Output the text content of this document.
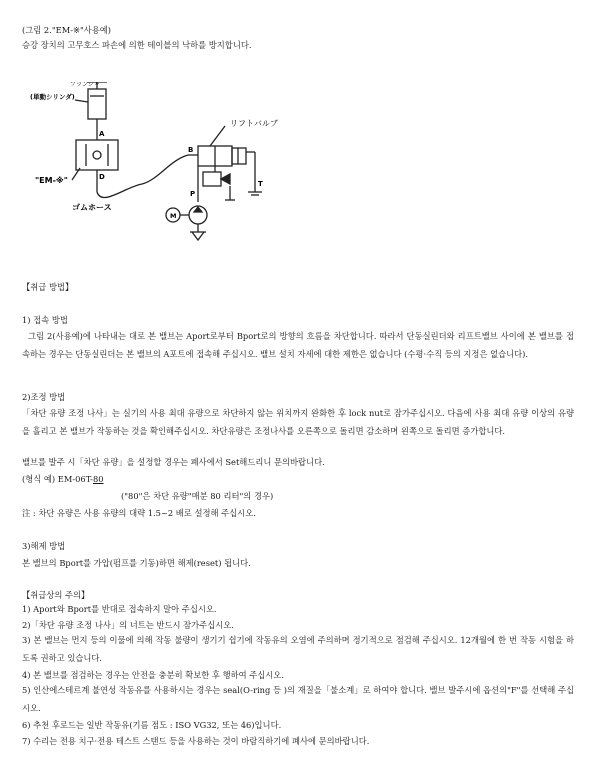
(그림 2."EM-※"사용예)
승강 장치의 고무호스 파손에 의한 테이블의 낙하를 방지합니다.
プランジャ
(単動シリンダ)
リフトバルブ
"EM-※"
ゴムホース
A
D
B
P
T
M
【취급 방법】
1) 접속 방법
그림 2(사용예)에 나타내는 대로 본 밸브는 Aport로부터 Bport로의 방향의 흐름을 차단합니다. 따라서 단동실린더와 리프트밸브 사이에 본 밸브를 접속하는 경우는 단동실린더는 본 밸브의 A포트에 접속해 주십시오. 밸브 설치 자세에 대한 제한은 없습니다 (수평·수직 등의 지정은 없습니다).
2)조정 방법
「차단 유량 조정 나사」는 실기의 사용 최대 유량으로 차단하지 않는 위치까지 완화한 후 lock nut로 잠가주십시오. 다음에 사용 최대 유량 이상의 유량을 흘리고 본 밸브가 작동하는 것을 확인해주십시오. 차단유량은 조정나사를 오른쪽으로 돌리면 감소하며 왼쪽으로 돌리면 증가합니다.
밸브를 발주 시「차단 유량」을 설정할 경우는 폐사에서 Set해드리니 문의바랍니다.
(형식 예) EM-06T-80
("80"은 차단 유량"매분 80 리터"의 경우)
注 : 차단 유량은 사용 유량의 대략 1.5~2 배로 설정해 주십시오.
3)해제 방법
본 밸브의 Bport를 가압(펌프를 기동)하면 해제(reset) 됩니다.
【취급상의 주의】
1) Aport와 Bport를 반대로 접속하지 말아 주십시오.
2)「차단 유량 조정 나사」의 너트는 반드시 잠가주십시오.
3) 본 밸브는 먼지 등의 이물에 의해 작동 불량이 생기기 쉽기에 작동유의 오염에 주의하며 정기적으로 점검해 주십시오. 12개월에 한 번 작동 시험을 하도록 권하고 있습니다.
4) 본 밸브를 점검하는 경우는 안전을 충분히 확보한 후 행하여 주십시오.
5) 인산에스테르계 불연성 작동유를 사용하시는 경우는 seal(O-ring 등 )의 재질을「불소계」로 하여야 합니다. 밸브 발주시에 옵션의"F"를 선택해 주십시오.
6) 추천 후로드는 일반 작동유(기름 점도 : ISO VG32, 또는 46)입니다.
7) 수리는 전용 치구·전용 테스트 스탠드 등을 사용하는 것이 바람직하기에 폐사에 문의바랍니다.
